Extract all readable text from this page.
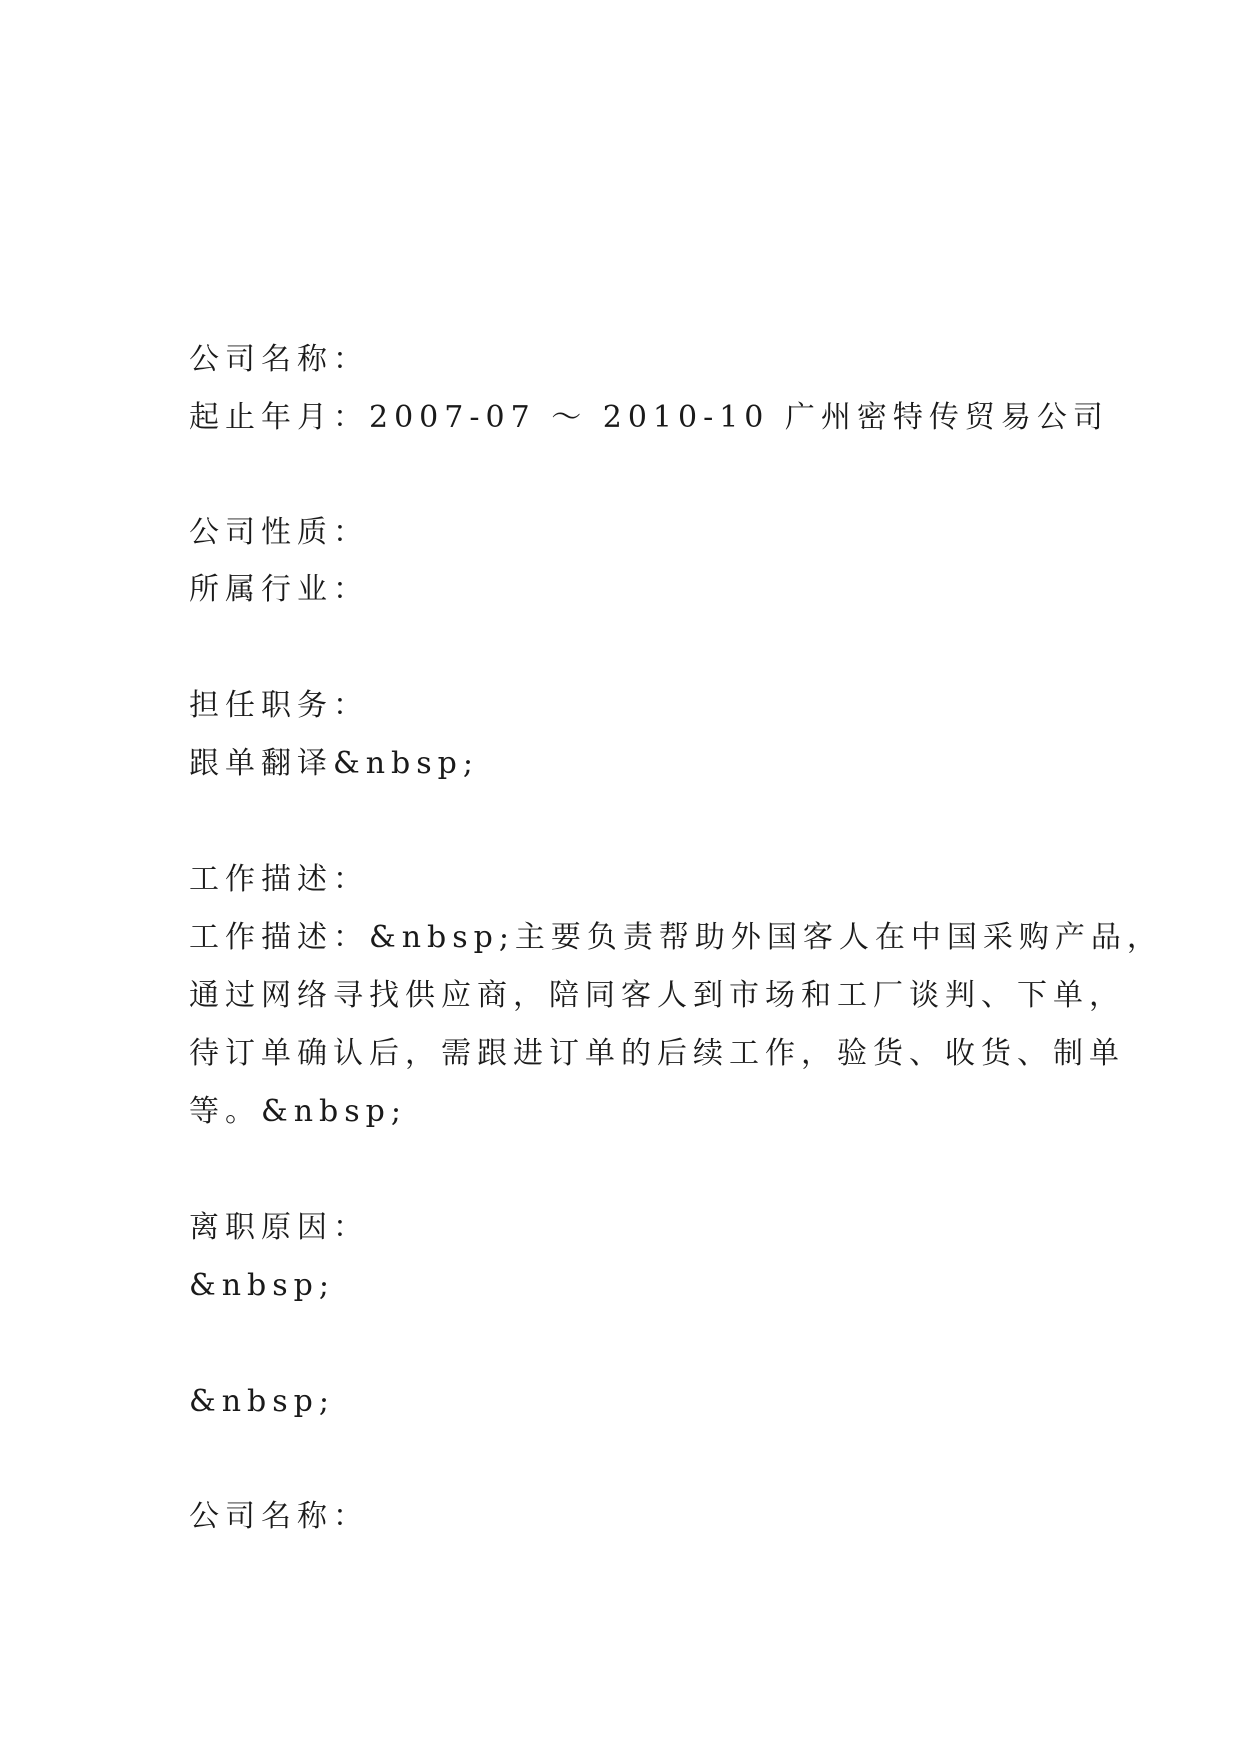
公司名称：
起止年月：2007-07 ～ 2010-10 广州密特传贸易公司
公司性质：
所属行业：
担任职务：
跟单翻译&nbsp;
工作描述：
工作描述：&nbsp;主要负责帮助外国客人在中国采购产品，
通过网络寻找供应商，陪同客人到市场和工厂谈判、下单，
待订单确认后，需跟进订单的后续工作，验货、收货、制单
等。&nbsp;
离职原因：
&nbsp;
&nbsp;
公司名称：
